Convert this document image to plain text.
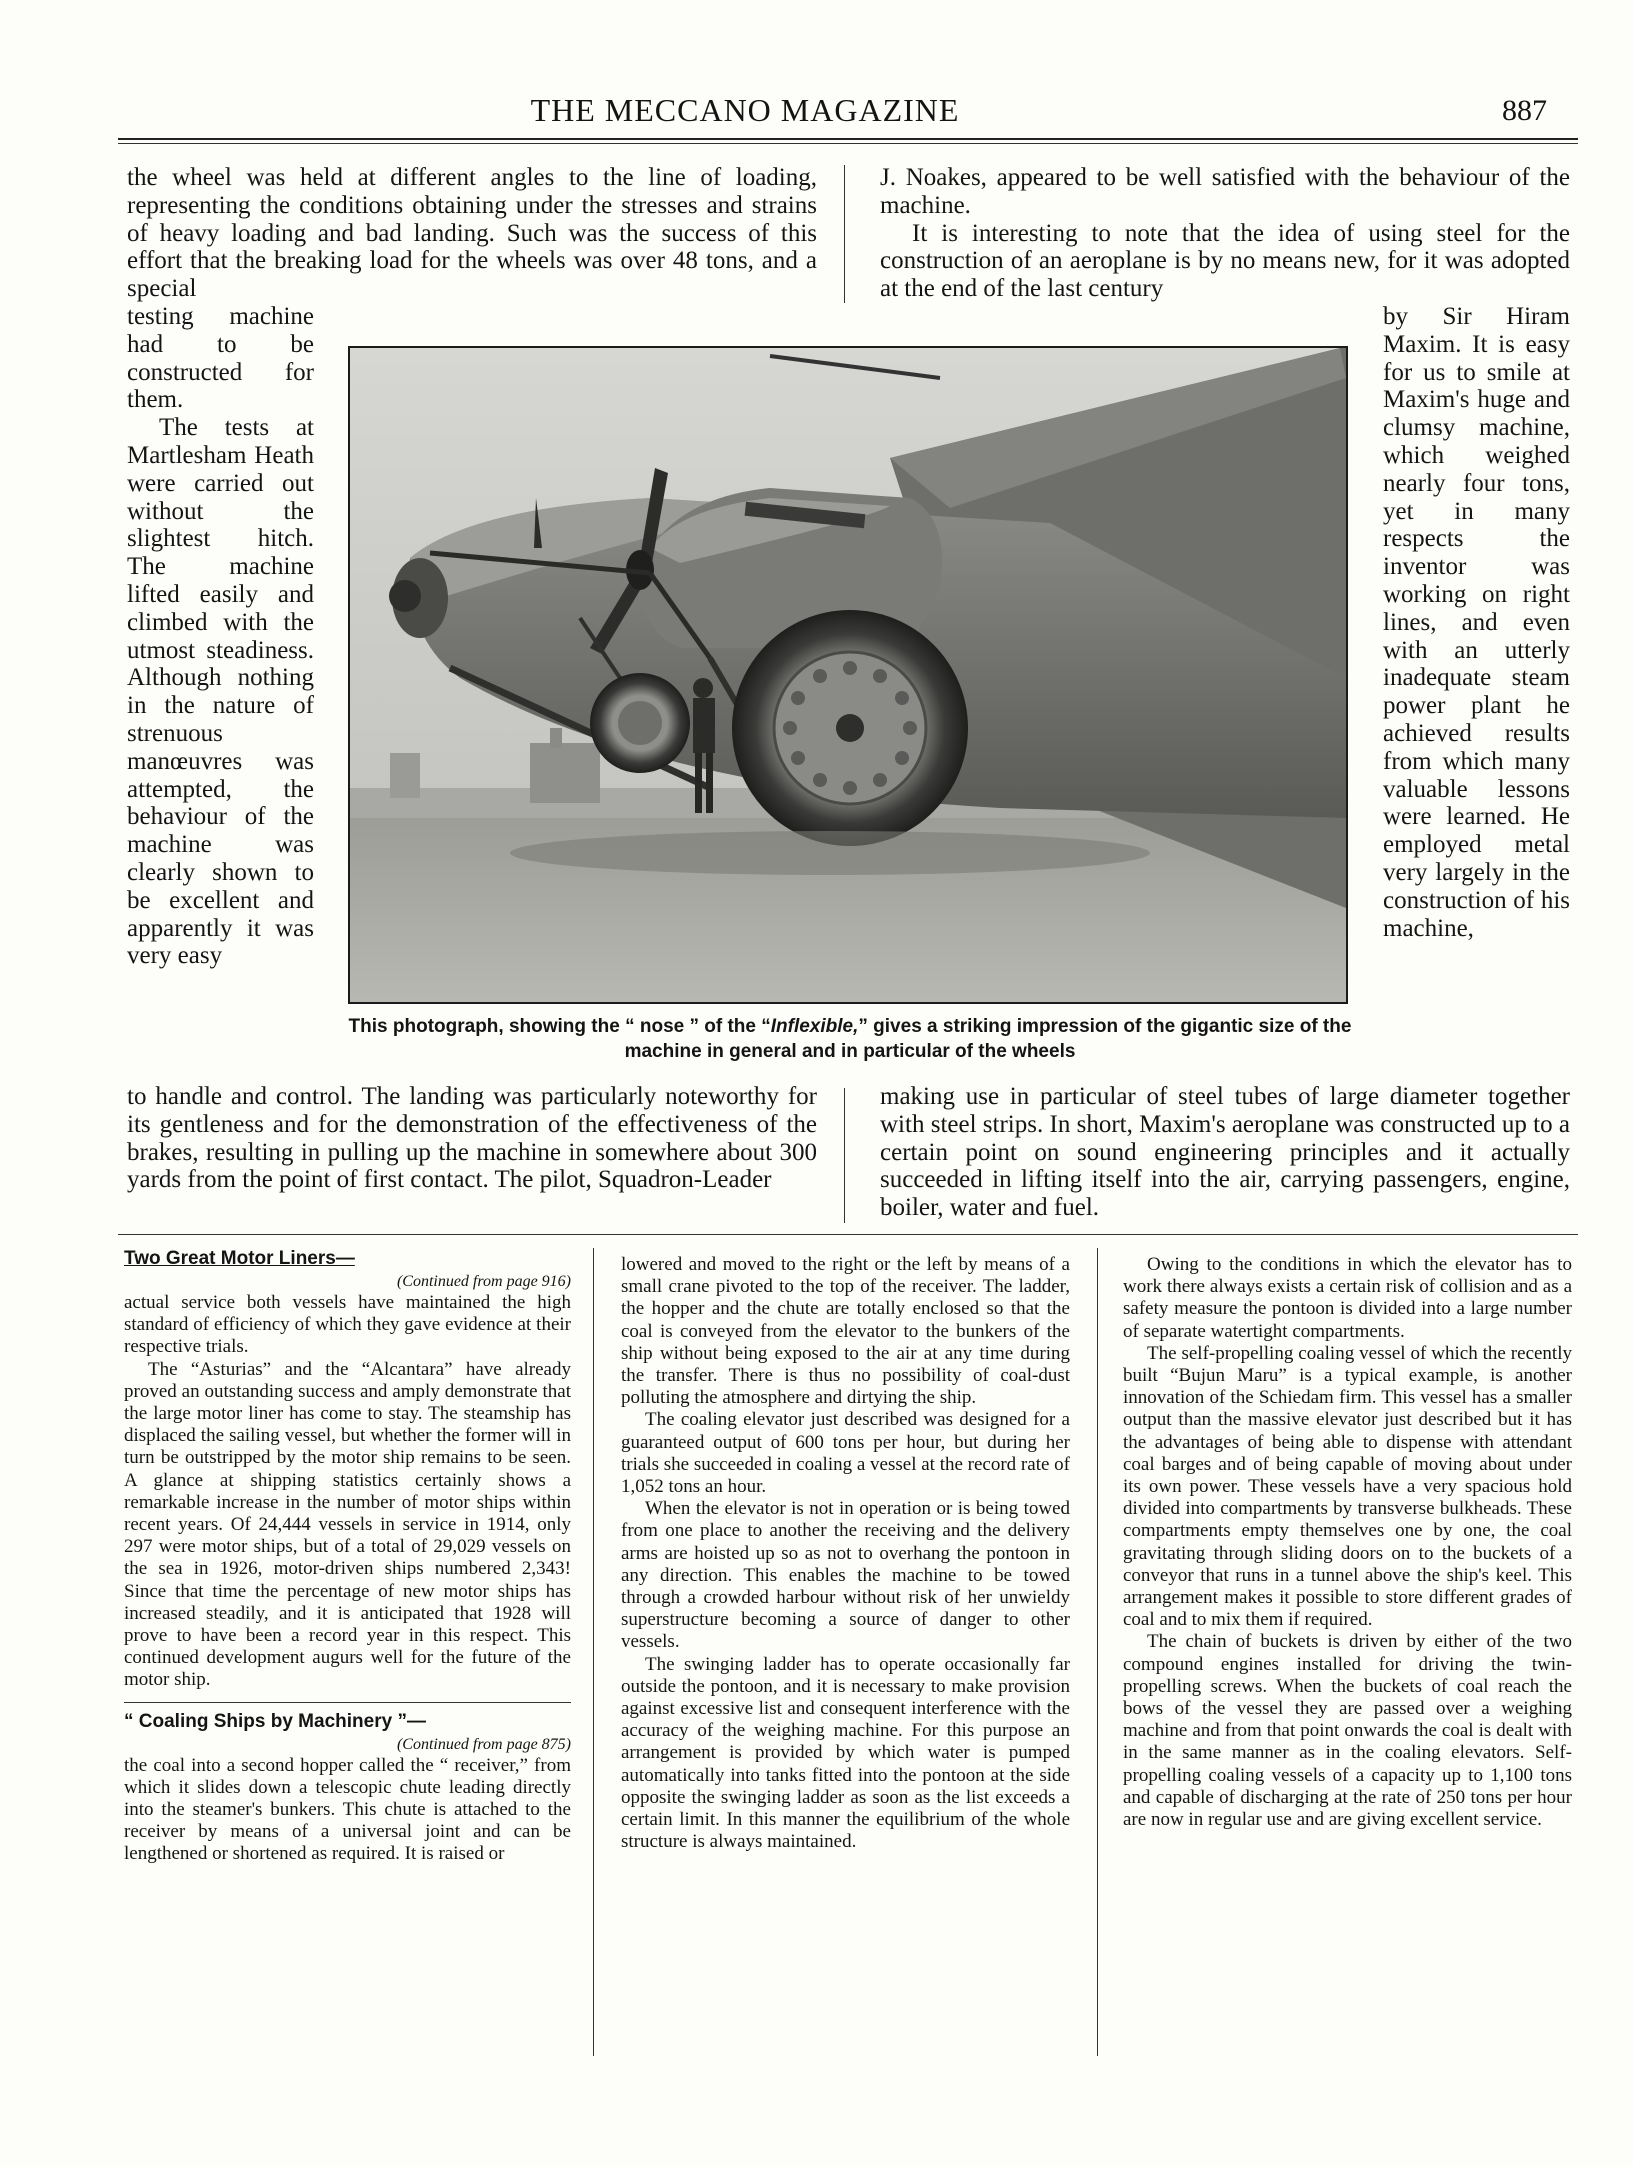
THE MECCANO MAGAZINE	887

the wheel was held at different angles to the line of loading, representing the conditions obtaining under the stresses and strains of heavy loading and bad landing. Such was the success of this effort that the breaking load for the wheels was over 48 tons, and a special

J. Noakes, appeared to be well satisfied with the behaviour of the machine.

It is interesting to note that the idea of using steel for the construction of an aeroplane is by no means new, for it was adopted at the end of the last century

testing machine had to be constructed for them.

The tests at Martlesham Heath were carried out without the slightest hitch. The machine lifted easily and climbed with the utmost steadiness. Although nothing in the nature of strenuous manœuvres was attempted, the behaviour of the machine was clearly shown to be excellent and apparently it was very easy

by Sir Hiram Maxim. It is easy for us to smile at Maxim's huge and clumsy machine, which weighed nearly four tons, yet in many respects the inventor was working on right lines, and even with an utterly inadequate steam power plant he achieved results from which many valuable lessons were learned. He employed metal very largely in the construction of his machine,

This photograph, showing the “ nose ” of the “Inflexible,” gives a striking impression of the gigantic size of the machine in general and in particular of the wheels

to handle and control. The landing was particularly noteworthy for its gentleness and for the demonstration of the effectiveness of the brakes, resulting in pulling up the machine in somewhere about 300 yards from the point of first contact. The pilot, Squadron-Leader

making use in particular of steel tubes of large diameter together with steel strips. In short, Maxim's aeroplane was constructed up to a certain point on sound engineering principles and it actually succeeded in lifting itself into the air, carrying passengers, engine, boiler, water and fuel.

Two Great Motor Liners—
(Continued from page 916)

actual service both vessels have maintained the high standard of efficiency of which they gave evidence at their respective trials.

The “Asturias” and the “Alcantara” have already proved an outstanding success and amply demonstrate that the large motor liner has come to stay. The steamship has displaced the sailing vessel, but whether the former will in turn be outstripped by the motor ship remains to be seen. A glance at shipping statistics certainly shows a remarkable increase in the number of motor ships within recent years. Of 24,444 vessels in service in 1914, only 297 were motor ships, but of a total of 29,029 vessels on the sea in 1926, motor-driven ships numbered 2,343! Since that time the percentage of new motor ships has increased steadily, and it is anticipated that 1928 will prove to have been a record year in this respect. This continued development augurs well for the future of the motor ship.

“ Coaling Ships by Machinery ”—
(Continued from page 875)

the coal into a second hopper called the “ receiver,” from which it slides down a telescopic chute leading directly into the steamer's bunkers. This chute is attached to the receiver by means of a universal joint and can be lengthened or shortened as required. It is raised or

lowered and moved to the right or the left by means of a small crane pivoted to the top of the receiver. The ladder, the hopper and the chute are totally enclosed so that the coal is conveyed from the elevator to the bunkers of the ship without being exposed to the air at any time during the transfer. There is thus no possibility of coal-dust polluting the atmosphere and dirtying the ship.

The coaling elevator just described was designed for a guaranteed output of 600 tons per hour, but during her trials she succeeded in coaling a vessel at the record rate of 1,052 tons an hour.

When the elevator is not in operation or is being towed from one place to another the receiving and the delivery arms are hoisted up so as not to overhang the pontoon in any direction. This enables the machine to be towed through a crowded harbour without risk of her unwieldy superstructure becoming a source of danger to other vessels.

The swinging ladder has to operate occasionally far outside the pontoon, and it is necessary to make provision against excessive list and consequent interference with the accuracy of the weighing machine. For this purpose an arrangement is provided by which water is pumped automatically into tanks fitted into the pontoon at the side opposite the swinging ladder as soon as the list exceeds a certain limit. In this manner the equilibrium of the whole structure is always maintained.

Owing to the conditions in which the elevator has to work there always exists a certain risk of collision and as a safety measure the pontoon is divided into a large number of separate watertight compartments.

The self-propelling coaling vessel of which the recently built “Bujun Maru” is a typical example, is another innovation of the Schiedam firm. This vessel has a smaller output than the massive elevator just described but it has the advantages of being able to dispense with attendant coal barges and of being capable of moving about under its own power. These vessels have a very spacious hold divided into compartments by transverse bulkheads. These compartments empty themselves one by one, the coal gravitating through sliding doors on to the buckets of a conveyor that runs in a tunnel above the ship's keel. This arrangement makes it possible to store different grades of coal and to mix them if required.

The chain of buckets is driven by either of the two compound engines installed for driving the twin-propelling screws. When the buckets of coal reach the bows of the vessel they are passed over a weighing machine and from that point onwards the coal is dealt with in the same manner as in the coaling elevators. Self-propelling coaling vessels of a capacity up to 1,100 tons and capable of discharging at the rate of 250 tons per hour are now in regular use and are giving excellent service.
